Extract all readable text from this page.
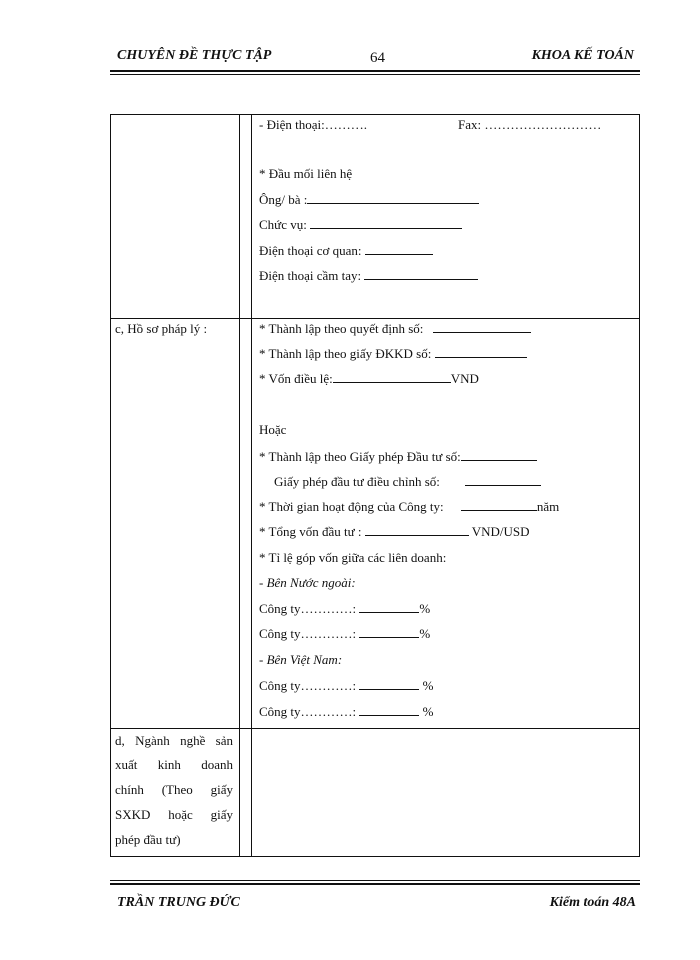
CHUYÊN ĐỀ THỰC TẬP	64	KHOA KẾ TOÁN
- Điện thoại:……….	Fax: ………………………
* Đầu mối liên hệ
Ông/ bà :
Chức vụ:
Điện thoại cơ quan:
Điện thoại cầm tay:
c, Hồ sơ pháp lý :	* Thành lập theo quyết định số:
* Thành lập theo giấy ĐKKD số:
* Vốn điều lệ:	VND
Hoặc
* Thành lập theo Giấy phép Đầu tư số:
Giấy phép đầu tư điều chỉnh số:
* Thời gian hoạt động của Công ty:	năm
* Tổng vốn đầu tư :	VND/USD
* Tỉ lệ góp vốn giữa các liên doanh:
- Bên Nước ngoài:
Công ty…………:	%
Công ty…………:	%
- Bên Việt Nam:
Công ty…………:	%
Công ty…………:	%
d, Ngành nghề sản
xuất kinh doanh
chính (Theo giấy
SXKD hoặc giấy
phép đầu tư)
TRẦN TRUNG ĐỨC	Kiểm toán 48A
